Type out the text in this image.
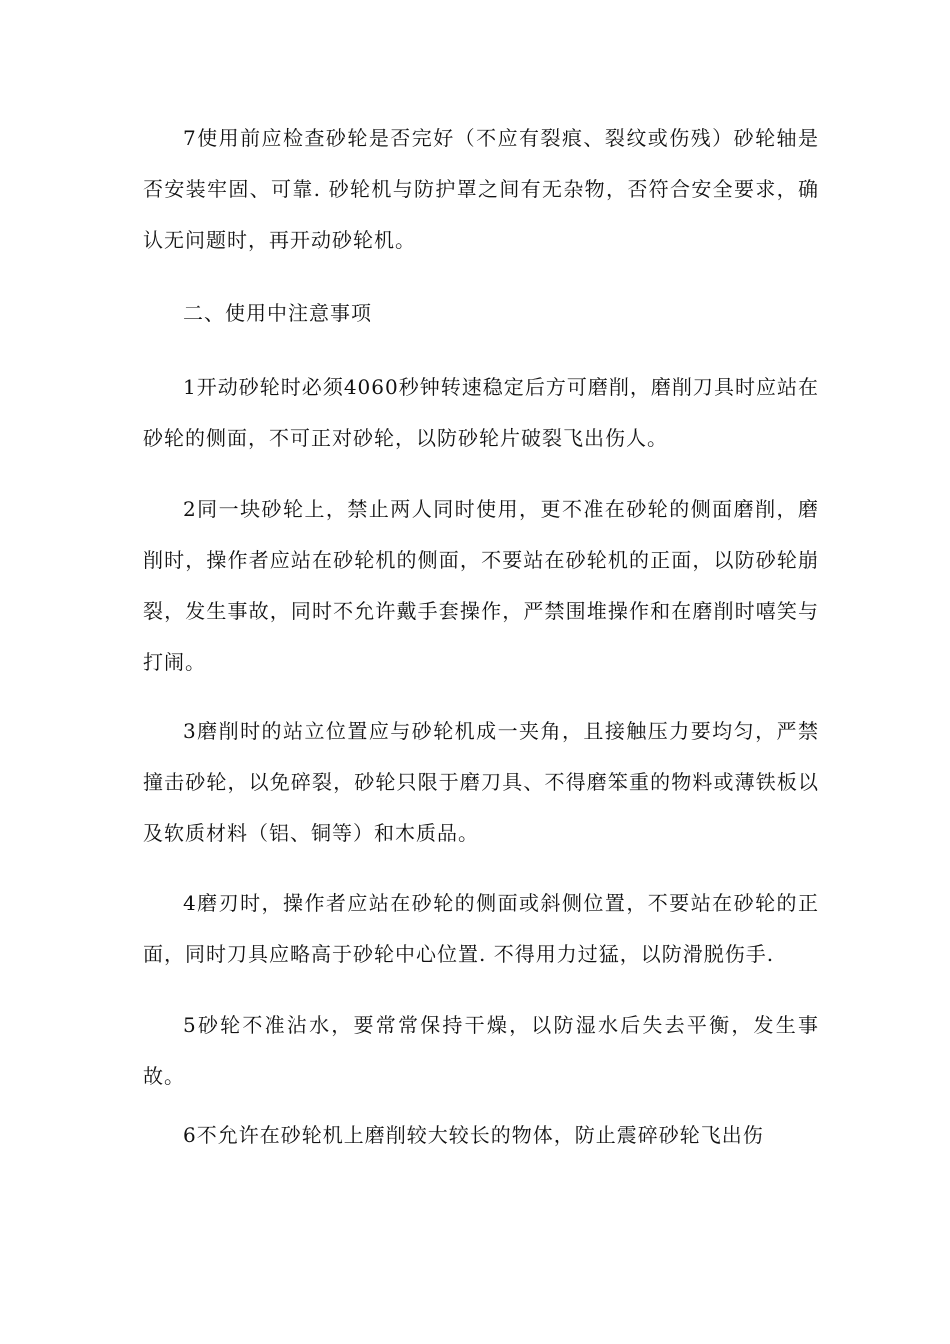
7使用前应检查砂轮是否完好（不应有裂痕、裂纹或伤残）砂轮轴是否安装牢固、可靠. 砂轮机与防护罩之间有无杂物，否符合安全要求，确认无问题时，再开动砂轮机。

二、使用中注意事项

1开动砂轮时必须4060秒钟转速稳定后方可磨削，磨削刀具时应站在砂轮的侧面，不可正对砂轮，以防砂轮片破裂飞出伤人。

2同一块砂轮上，禁止两人同时使用，更不准在砂轮的侧面磨削，磨削时，操作者应站在砂轮机的侧面，不要站在砂轮机的正面，以防砂轮崩裂，发生事故，同时不允许戴手套操作，严禁围堆操作和在磨削时嘻笑与打闹。

3磨削时的站立位置应与砂轮机成一夹角，且接触压力要均匀，严禁撞击砂轮，以免碎裂，砂轮只限于磨刀具、不得磨笨重的物料或薄铁板以及软质材料（铝、铜等）和木质品。

4磨刃时，操作者应站在砂轮的侧面或斜侧位置，不要站在砂轮的正面，同时刀具应略高于砂轮中心位置. 不得用力过猛，以防滑脱伤手.

5砂轮不准沾水，要常常保持干燥，以防湿水后失去平衡，发生事故。

6不允许在砂轮机上磨削较大较长的物体，防止震碎砂轮飞出伤
